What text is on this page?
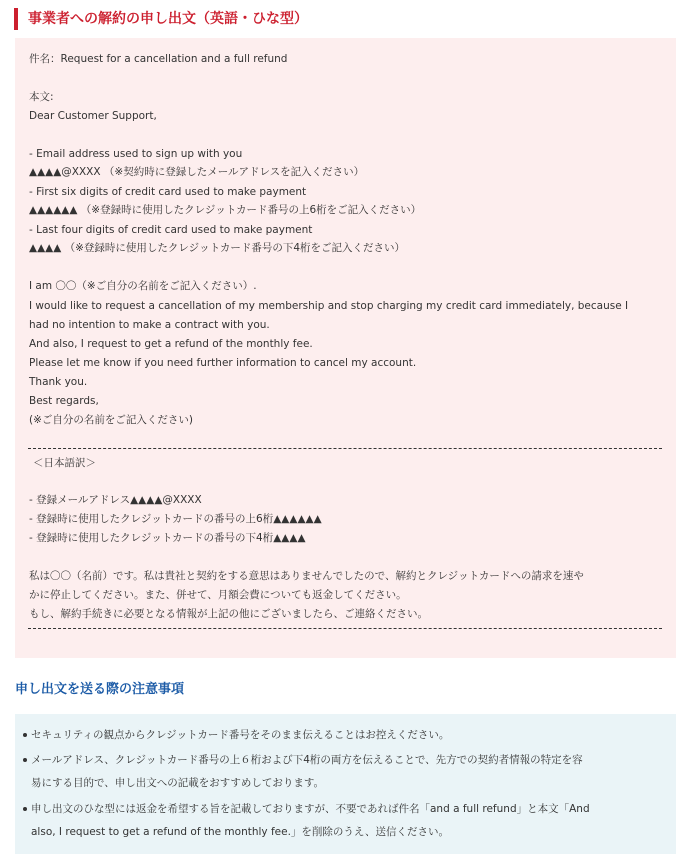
事業者への解約の申し出文（英語・ひな型）
件名：Request for a cancellation and a full refund
本文:
Dear Customer Support,
- Email address used to sign up with you
▲▲▲▲@XXXX （※契約時に登録したメールアドレスを記入ください）
- First six digits of credit card used to make payment
▲▲▲▲▲▲ （※登録時に使用したクレジットカード番号の上6桁をご記入ください）
- Last four digits of credit card used to make payment
▲▲▲▲ （※登録時に使用したクレジットカード番号の下4桁をご記入ください）
I am 〇〇（※ご自分の名前をご記入ください）.
I would like to request a cancellation of my membership and stop charging my credit card immediately, because I
had no intention to make a contract with you.
And also, I request to get a refund of the monthly fee.
Please let me know if you need further information to cancel my account.
Thank you.
Best regards,
(※ご自分の名前をご記入ください)
＜日本語訳＞
- 登録メールアドレス▲▲▲▲@XXXX
- 登録時に使用したクレジットカードの番号の上6桁▲▲▲▲▲▲
- 登録時に使用したクレジットカードの番号の下4桁▲▲▲▲
私は〇〇（名前）です。私は貴社と契約をする意思はありませんでしたので、解約とクレジットカードへの請求を速や
かに停止してください。また、併せて、月額会費についても返金してください。
もし、解約手続きに必要となる情報が上記の他にございましたら、ご連絡ください。
申し出文を送る際の注意事項
セキュリティの観点からクレジットカード番号をそのまま伝えることはお控えください。
メールアドレス、クレジットカード番号の上６桁および下4桁の両方を伝えることで、先方での契約者情報の特定を容
易にする目的で、申し出文への記載をおすすめしております。
申し出文のひな型には返金を希望する旨を記載しておりますが、不要であれば件名「and a full refund」と本文「And
also, I request to get a refund of the monthly fee.」を削除のうえ、送信ください。
